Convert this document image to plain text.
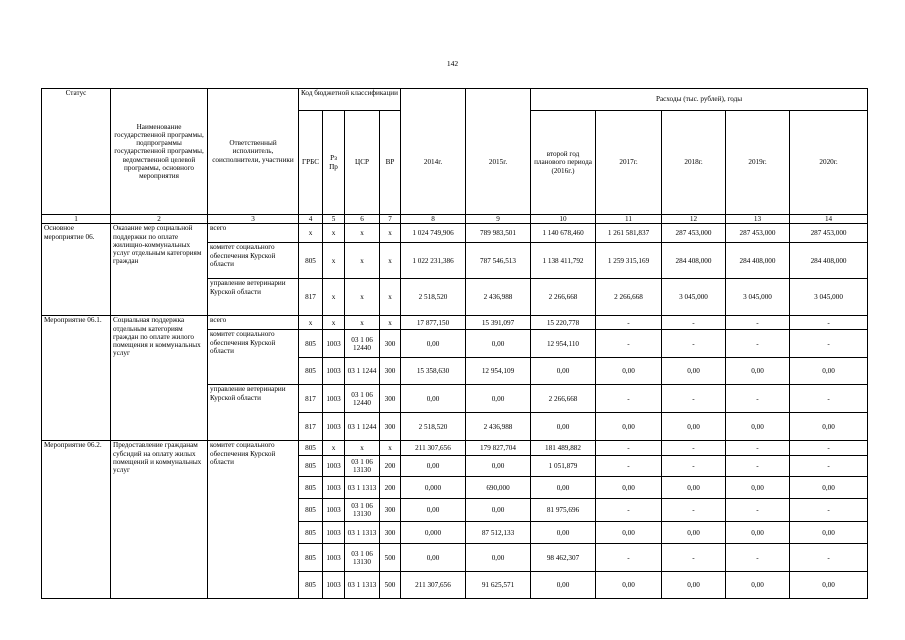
142
Статус	Наименование государственной программы, подпрограммы государственной программы, ведомственной целевой программы, основного мероприятия	Ответственный исполнитель, соисполнители, участники	Код бюджетной классификации						Расходы (тыс. рублей), годы				
			ГРБС	Рз Пр	ЦСР	ВР	2014г.	2015г.	второй год планового периода (2016г.)	2017г.	2018г.	2019г.	2020г.
1	2	3	4	5	6	7	8	9	10	11	12	13	14
Основное мероприятие 06.	Оказание мер социальной поддержки по оплате жилищно-коммунальных услуг отдельным категориям граждан	всего	х	х	х	х	1 024 749,906	789 983,501	1 140 678,460	1 261 581,837	287 453,000	287 453,000	287 453,000
		комитет социального обеспечения Курской области	805	х	х	х	1 022 231,386	787 546,513	1 138 411,792	1 259 315,169	284 408,000	284 408,000	284 408,000
		управление ветеринарии Курской области	817	х	х	х	2 518,520	2 436,988	2 266,668	2 266,668	3 045,000	3 045,000	3 045,000
Мероприятие 06.1.	Социальная поддержка отдельным категориям граждан по оплате жилого помещения и коммунальных услуг	всего	х	х	х	х	17 877,150	15 391,097	15 220,778	-	-	-	-
		комитет социального обеспечения Курской области	805	1003	03 1 06 12440	300	0,00	0,00	12 954,110	-	-	-	-
			805	1003	03 1 1244	300	15 358,630	12 954,109	0,00	0,00	0,00	0,00	0,00
		управление ветеринарии Курской области	817	1003	03 1 06 12440	300	0,00	0,00	2 266,668	-	-	-	-
			817	1003	03 1 1244	300	2 518,520	2 436,988	0,00	0,00	0,00	0,00	0,00
Мероприятие 06.2.	Предоставление гражданам субсидий на оплату жилых помещений и коммунальных услуг	комитет социального обеспечения Курской области	805	х	х	х	211 307,656	179 827,704	181 489,882	-	-	-	-
			805	1003	03 1 06 13130	200	0,00	0,00	1 051,879	-	-	-	-
			805	1003	03 1 1313	200	0,000	690,000	0,00	0,00	0,00	0,00	0,00
			805	1003	03 1 06 13130	300	0,00	0,00	81 975,696	-	-	-	-
			805	1003	03 1 1313	300	0,000	87 512,133	0,00	0,00	0,00	0,00	0,00
			805	1003	03 1 06 13130	500	0,00	0,00	98 462,307	-	-	-	-
			805	1003	03 1 1313	500	211 307,656	91 625,571	0,00	0,00	0,00	0,00	0,00
